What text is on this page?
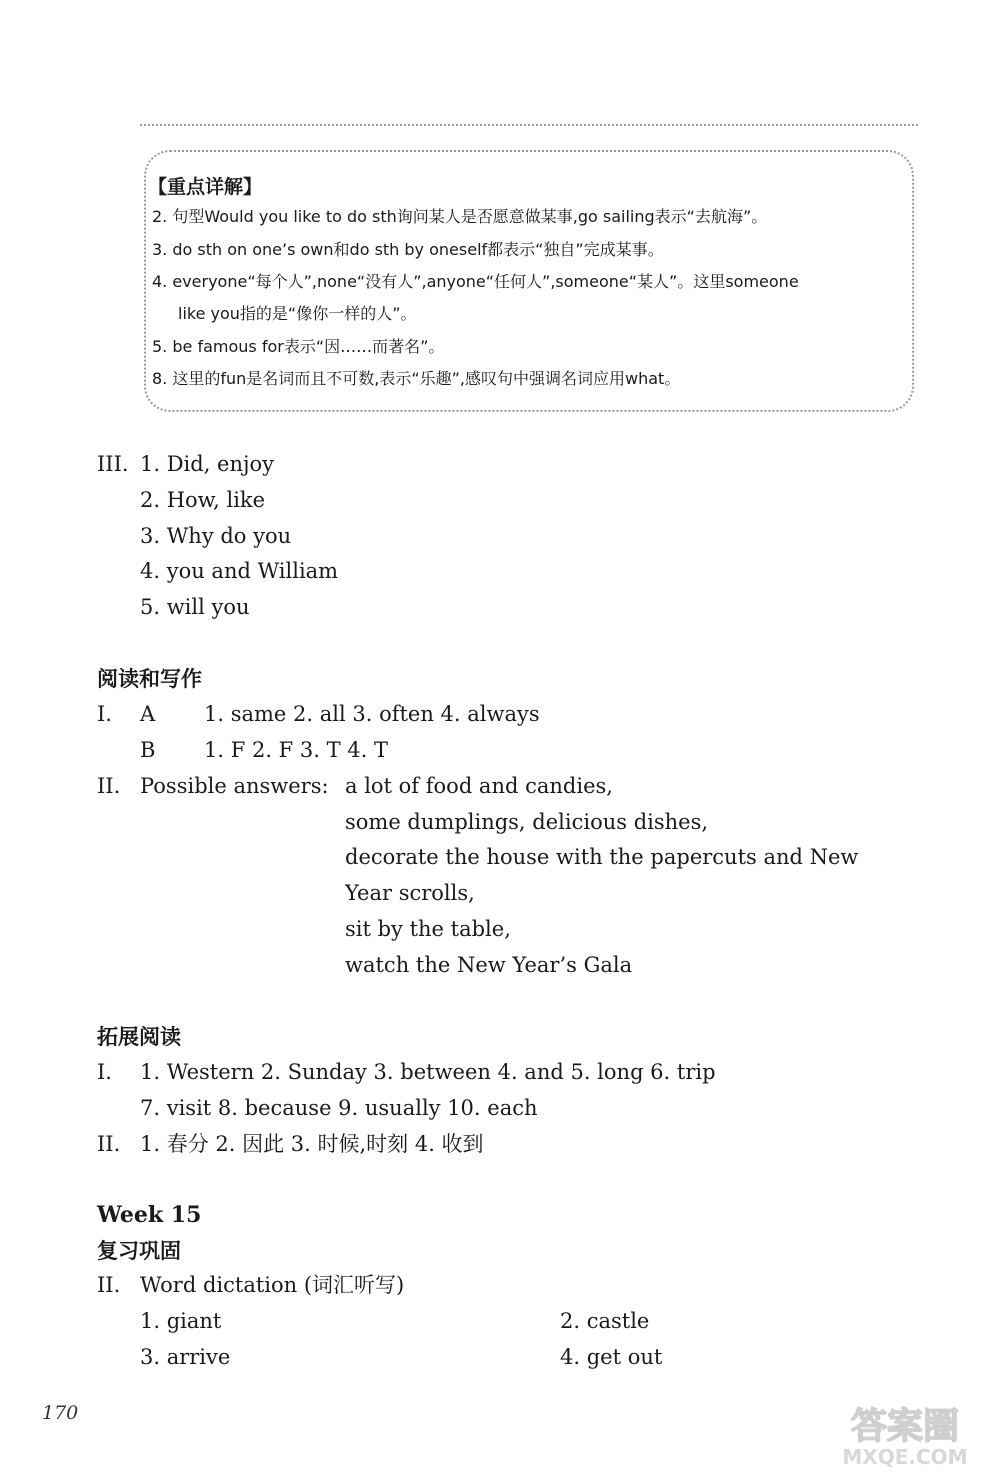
【重点详解】
2. 句型Would you like to do sth询问某人是否愿意做某事,go sailing表示“去航海”。
3. do sth on one’s own和do sth by oneself都表示“独自”完成某事。
4. everyone“每个人”,none“没有人”,anyone“任何人”,someone“某人”。这里someone
like you指的是“像你一样的人”。
5. be famous for表示“因……而著名”。
8. 这里的fun是名词而且不可数,表示“乐趣”,感叹句中强调名词应用what。
III. 1. Did, enjoy
2. How, like
3. Why do you
4. you and William
5. will you
阅读和写作
I. A 1. same 2. all 3. often 4. always
B 1. F 2. F 3. T 4. T
II. Possible answers: a lot of food and candies,
some dumplings, delicious dishes,
decorate the house with the papercuts and New
Year scrolls,
sit by the table,
watch the New Year’s Gala
拓展阅读
I. 1. Western 2. Sunday 3. between 4. and 5. long 6. trip
7. visit 8. because 9. usually 10. each
II. 1. 春分 2. 因此 3. 时候,时刻 4. 收到
Week 15
复习巩固
II. Word dictation (词汇听写)
1. giant	2. castle
3. arrive	4. get out
170	答案圈
MXQE.COM
